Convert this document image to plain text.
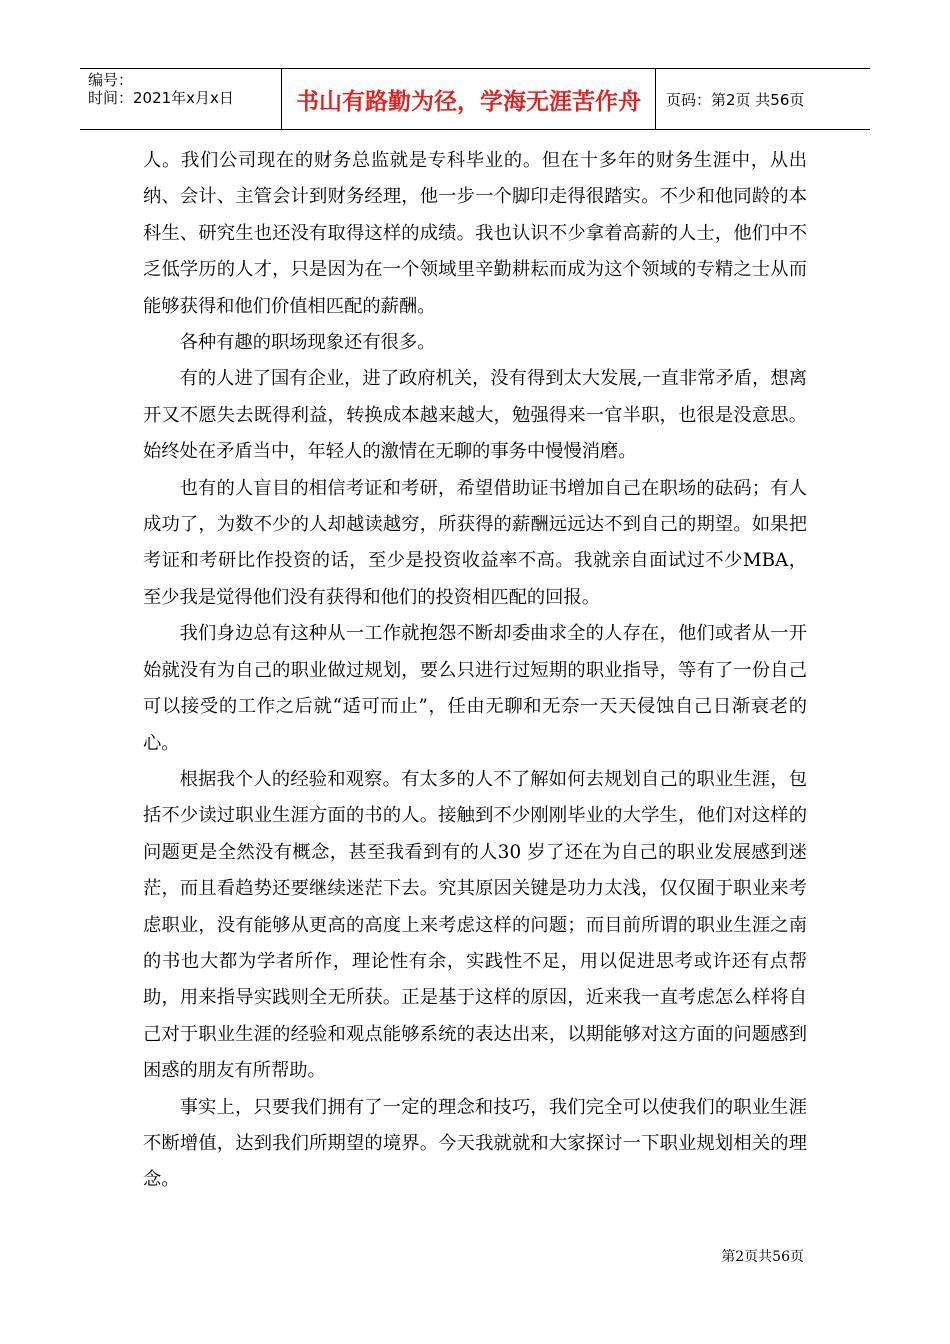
编号：
时间：2021年x月x日	书山有路勤为径，学海无涯苦作舟	页码：第2页 共56页

人。我们公司现在的财务总监就是专科毕业的。但在十多年的财务生涯中，从出纳、会计、主管会计到财务经理，他一步一个脚印走得很踏实。不少和他同龄的本科生、研究生也还没有取得这样的成绩。我也认识不少拿着高薪的人士，他们中不乏低学历的人才，只是因为在一个领域里辛勤耕耘而成为这个领域的专精之士从而能够获得和他们价值相匹配的薪酬。

各种有趣的职场现象还有很多。

有的人进了国有企业，进了政府机关，没有得到太大发展,一直非常矛盾，想离开又不愿失去既得利益，转换成本越来越大，勉强得来一官半职，也很是没意思。始终处在矛盾当中，年轻人的激情在无聊的事务中慢慢消磨。

也有的人盲目的相信考证和考研，希望借助证书增加自己在职场的砝码；有人成功了，为数不少的人却越读越穷，所获得的薪酬远远达不到自己的期望。如果把考证和考研比作投资的话，至少是投资收益率不高。我就亲自面试过不少MBA，至少我是觉得他们没有获得和他们的投资相匹配的回报。

我们身边总有这种从一工作就抱怨不断却委曲求全的人存在，他们或者从一开始就没有为自己的职业做过规划，要么只进行过短期的职业指导，等有了一份自己可以接受的工作之后就“适可而止”，任由无聊和无奈一天天侵蚀自己日渐衰老的心。

根据我个人的经验和观察。有太多的人不了解如何去规划自己的职业生涯，包括不少读过职业生涯方面的书的人。接触到不少刚刚毕业的大学生，他们对这样的问题更是全然没有概念，甚至我看到有的人30 岁了还在为自己的职业发展感到迷茫，而且看趋势还要继续迷茫下去。究其原因关键是功力太浅，仅仅囿于职业来考虑职业，没有能够从更高的高度上来考虑这样的问题；而目前所谓的职业生涯之南的书也大都为学者所作，理论性有余，实践性不足，用以促进思考或许还有点帮助，用来指导实践则全无所获。正是基于这样的原因，近来我一直考虑怎么样将自己对于职业生涯的经验和观点能够系统的表达出来，以期能够对这方面的问题感到困惑的朋友有所帮助。

事实上，只要我们拥有了一定的理念和技巧，我们完全可以使我们的职业生涯不断增值，达到我们所期望的境界。今天我就就和大家探讨一下职业规划相关的理念。

第2页共56页
